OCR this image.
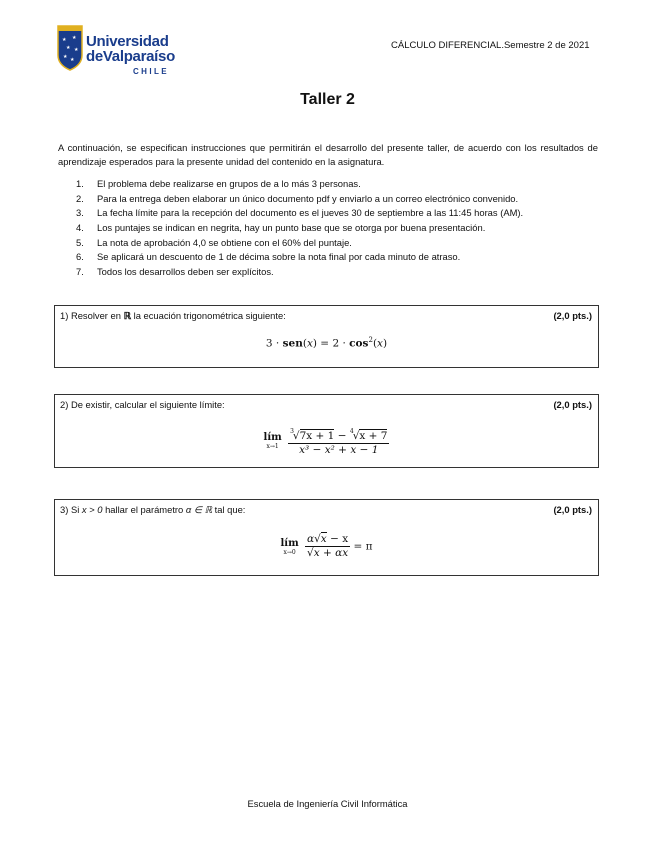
★ ★
★ ★
★ ★
Universidad
deValparaíso
CHILE
CÁLCULO DIFERENCIAL.Semestre 2 de 2021
Taller 2
A continuación, se especifican instrucciones que permitirán el desarrollo del presente taller, de acuerdo con los resultados de aprendizaje esperados para la presente unidad del contenido en la asignatura.
1. El problema debe realizarse en grupos de a lo más 3 personas.
2. Para la entrega deben elaborar un único documento pdf y enviarlo a un correo electrónico convenido.
3. La fecha límite para la recepción del documento es el jueves 30 de septiembre a las 11:45 horas (AM).
4. Los puntajes se indican en negrita, hay un punto base que se otorga por buena presentación.
5. La nota de aprobación 4,0 se obtiene con el 60% del puntaje.
6. Se aplicará un descuento de 1 de décima sobre la nota final por cada minuto de atraso.
7. Todos los desarrollos deben ser explícitos.
1) Resolver en ℝ la ecuación trigonométrica siguiente:	(2,0 pts.)
$3 \cdot sen(x) = 2 \cdot \cos^2(x)$
2) De existir, calcular el siguiente límite:	(2,0 pts.)
lím
x→1
	$\frac{^3√7x + 1 - ^4√x + 7}{\text{x³ − x² + x − 1}}$
3) Si x > 0 hallar el parámetro α ∈ ℝ tal que:	(2,0 pts.)
lím
x→0
$\frac{\alpha√x - x}{√x + \alpha x} = \pi$
Escuela de Ingeniería Civil Informática
